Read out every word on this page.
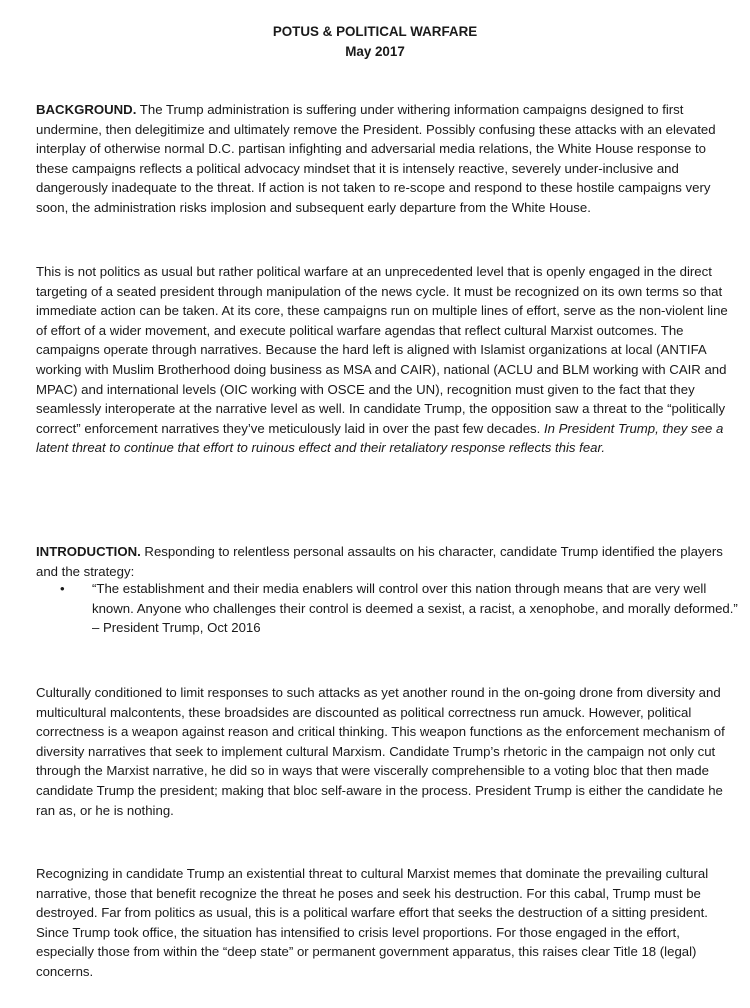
POTUS & POLITICAL WARFARE
May 2017

BACKGROUND. The Trump administration is suffering under withering information campaigns designed to first undermine, then delegitimize and ultimately remove the President. Possibly confusing these attacks with an elevated interplay of otherwise normal D.C. partisan infighting and adversarial media relations, the White House response to these campaigns reflects a political advocacy mindset that it is intensely reactive, severely under-inclusive and dangerously inadequate to the threat. If action is not taken to re-scope and respond to these hostile campaigns very soon, the administration risks implosion and subsequent early departure from the White House.

This is not politics as usual but rather political warfare at an unprecedented level that is openly engaged in the direct targeting of a seated president through manipulation of the news cycle. It must be recognized on its own terms so that immediate action can be taken. At its core, these campaigns run on multiple lines of effort, serve as the non-violent line of effort of a wider movement, and execute political warfare agendas that reflect cultural Marxist outcomes. The campaigns operate through narratives. Because the hard left is aligned with Islamist organizations at local (ANTIFA working with Muslim Brotherhood doing business as MSA and CAIR), national (ACLU and BLM working with CAIR and MPAC) and international levels (OIC working with OSCE and the UN), recognition must given to the fact that they seamlessly interoperate at the narrative level as well. In candidate Trump, the opposition saw a threat to the “politically correct” enforcement narratives they’ve meticulously laid in over the past few decades. In President Trump, they see a latent threat to continue that effort to ruinous effect and their retaliatory response reflects this fear.

INTRODUCTION. Responding to relentless personal assaults on his character, candidate Trump identified the players and the strategy:

•	“The establishment and their media enablers will control over this nation through means that are very well known. Anyone who challenges their control is deemed a sexist, a racist, a xenophobe, and morally deformed.” – President Trump, Oct 2016

Culturally conditioned to limit responses to such attacks as yet another round in the on-going drone from diversity and multicultural malcontents, these broadsides are discounted as political correctness run amuck. However, political correctness is a weapon against reason and critical thinking. This weapon functions as the enforcement mechanism of diversity narratives that seek to implement cultural Marxism. Candidate Trump’s rhetoric in the campaign not only cut through the Marxist narrative, he did so in ways that were viscerally comprehensible to a voting bloc that then made candidate Trump the president; making that bloc self-aware in the process. President Trump is either the candidate he ran as, or he is nothing.

Recognizing in candidate Trump an existential threat to cultural Marxist memes that dominate the prevailing cultural narrative, those that benefit recognize the threat he poses and seek his destruction. For this cabal, Trump must be destroyed. Far from politics as usual, this is a political warfare effort that seeks the destruction of a sitting president. Since Trump took office, the situation has intensified to crisis level proportions. For those engaged in the effort, especially those from within the “deep state” or permanent government apparatus, this raises clear Title 18 (legal) concerns.
